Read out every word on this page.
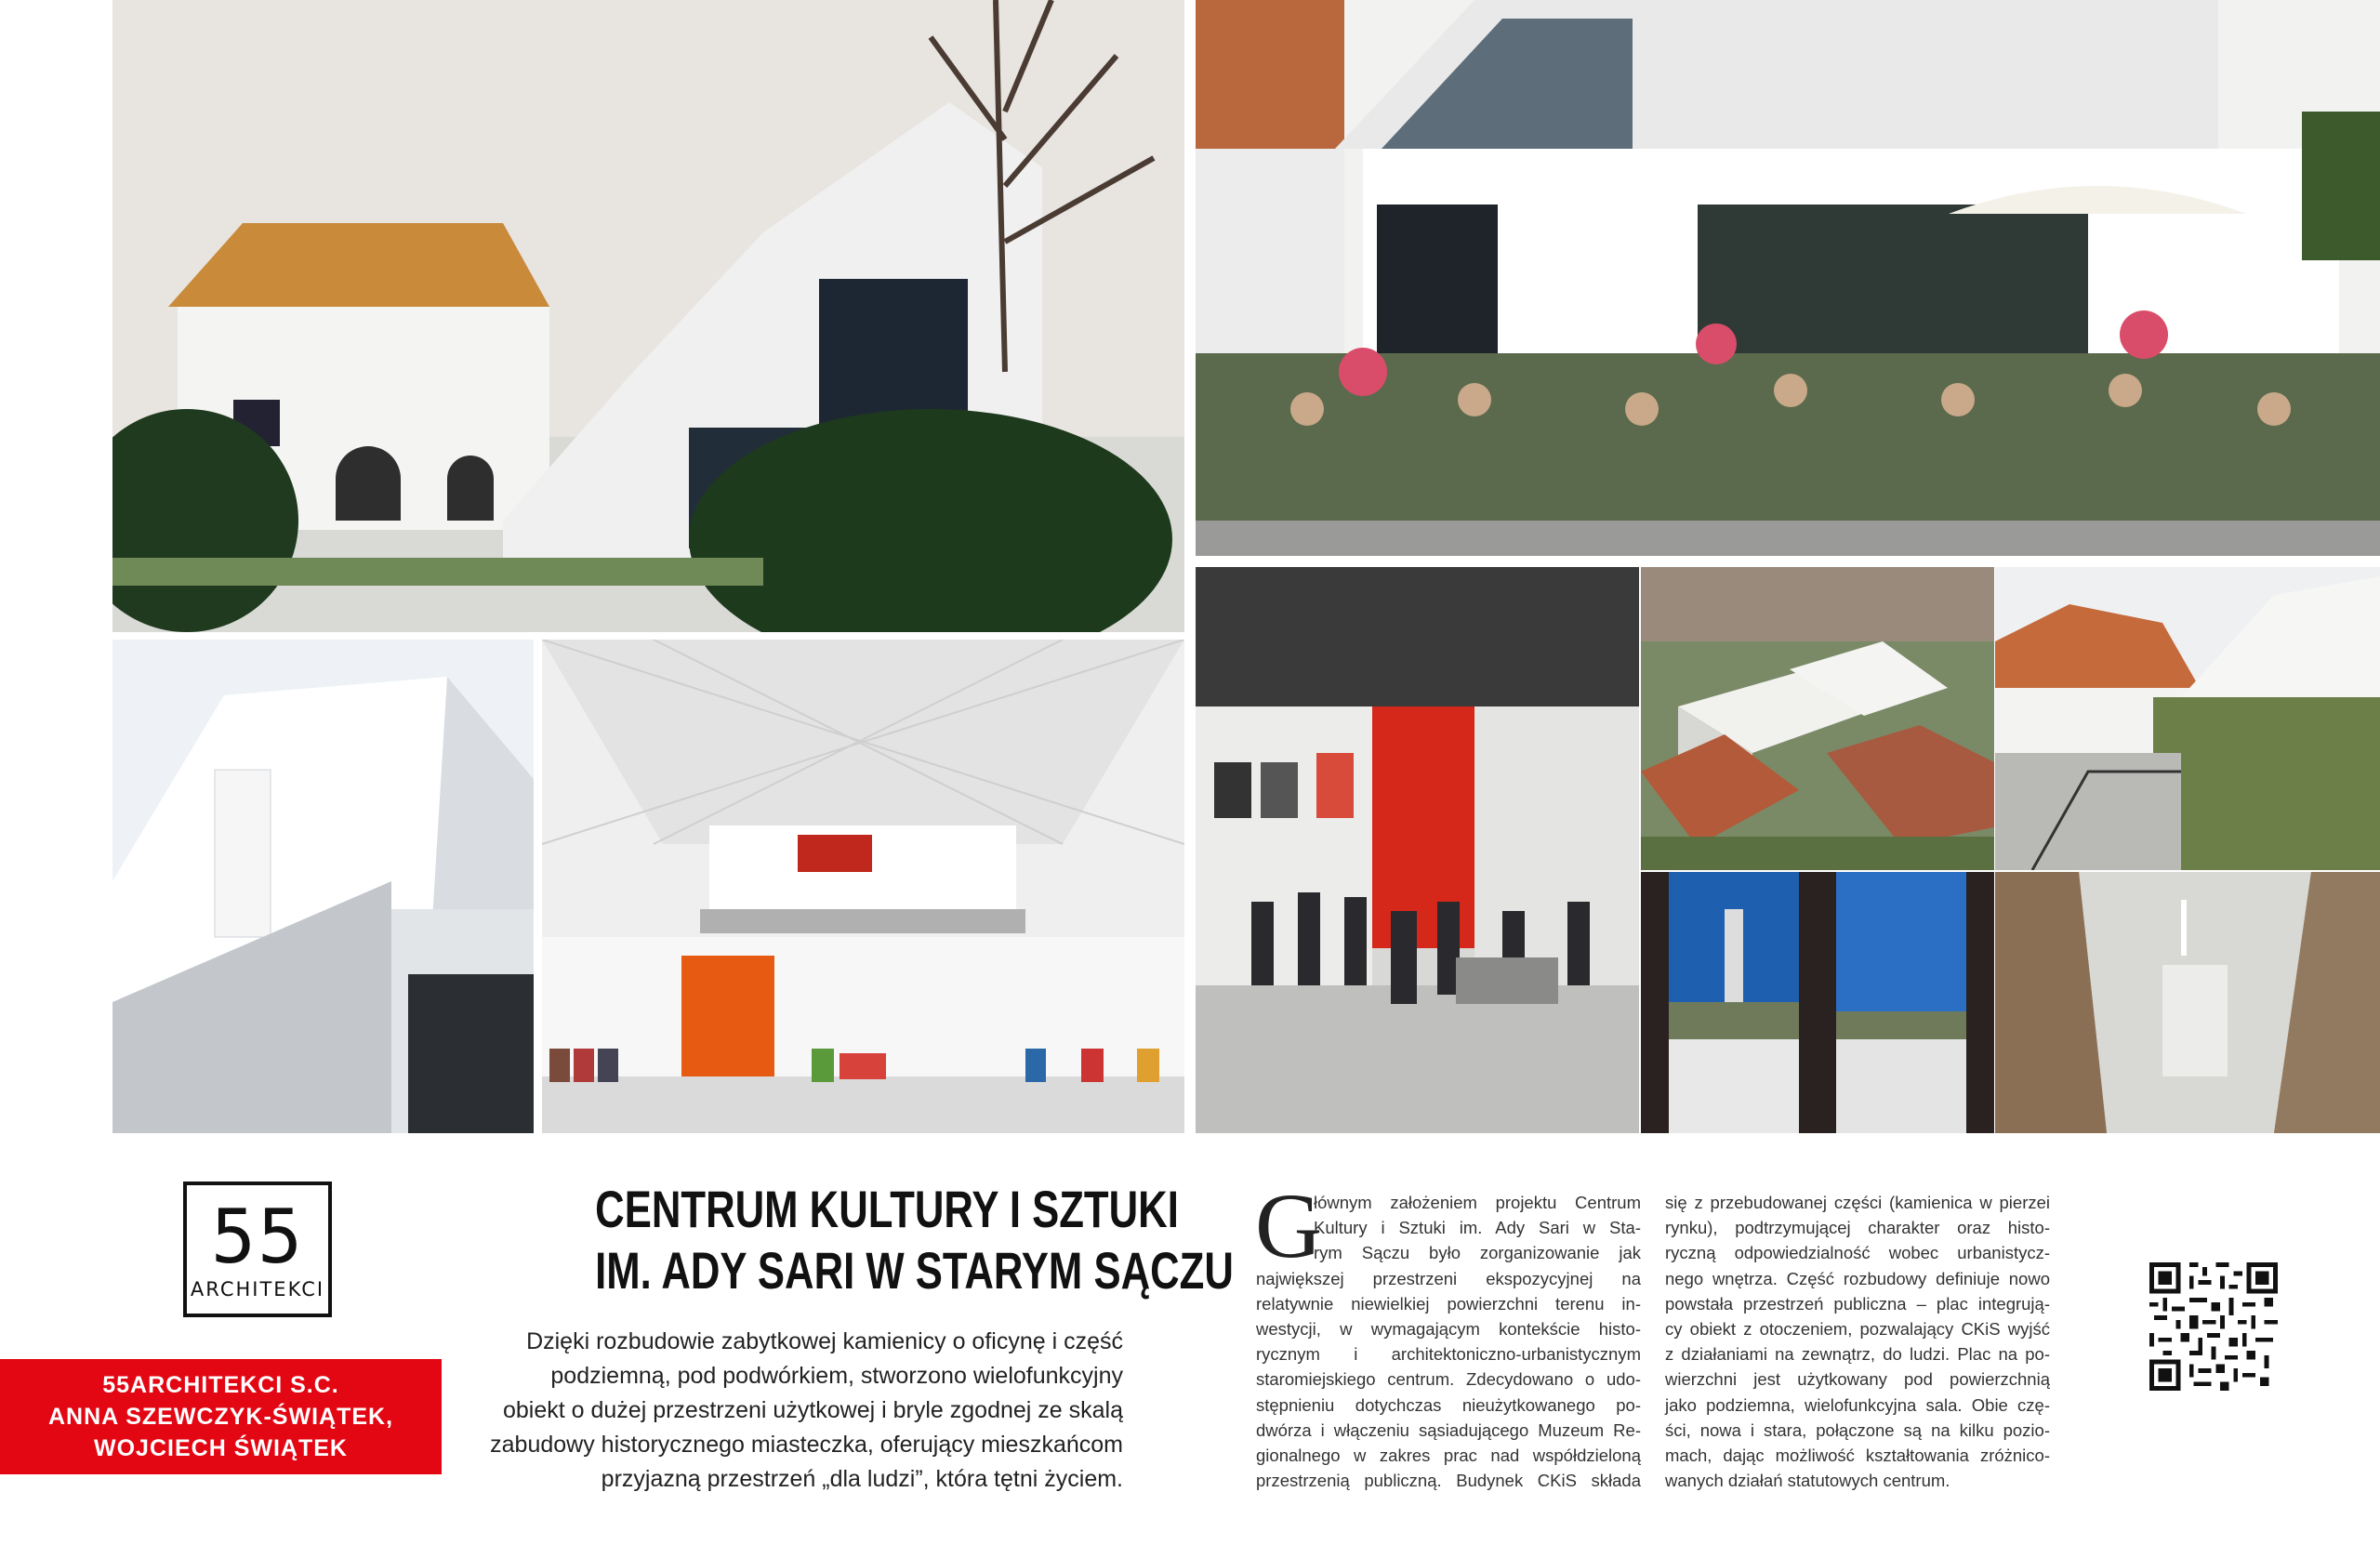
55
ARCHITEKCI
55ARCHITEKCI S.C.
ANNA SZEWCZYK-ŚWIĄTEK,
WOJCIECH ŚWIĄTEK
CENTRUM KULTURY I SZTUKI
IM. ADY SARI W STARYM SĄCZU
Dzięki rozbudowie zabytkowej kamienicy o oficynę i część
podziemną, pod podwórkiem, stworzono wielofunkcyjny
obiekt o dużej przestrzeni użytkowej i bryle zgodnej ze skalą
zabudowy historycznego miasteczka, oferujący mieszkańcom
przyjazną przestrzeń „dla ludzi”, która tętni życiem.
G
łównym założeniem projektu Centrum
Kultury i Sztuki im. Ady Sari w Sta-
rym Sączu było zorganizowanie jak
największej przestrzeni ekspozycyjnej na
relatywnie niewielkiej powierzchni terenu in-
westycji, w wymagającym kontekście histo-
rycznym i architektoniczno-urbanistycznym
staromiejskiego centrum. Zdecydowano o udo-
stępnieniu dotychczas nieużytkowanego po-
dwórza i włączeniu sąsiadującego Muzeum Re-
gionalnego w zakres prac nad współdzieloną
przestrzenią publiczną. Budynek CKiS składa
się z przebudowanej części (kamienica w pierzei
rynku), podtrzymującej charakter oraz histo-
ryczną odpowiedzialność wobec urbanistycz-
nego wnętrza. Część rozbudowy definiuje nowo
powstała przestrzeń publiczna – plac integrują-
cy obiekt z otoczeniem, pozwalający CKiS wyjść
z działaniami na zewnątrz, do ludzi. Plac na po-
wierzchni jest użytkowany pod powierzchnią
jako podziemna, wielofunkcyjna sala. Obie czę-
ści, nowa i stara, połączone są na kilku pozio-
mach, dając możliwość kształtowania zróżnico-
wanych działań statutowych centrum.
